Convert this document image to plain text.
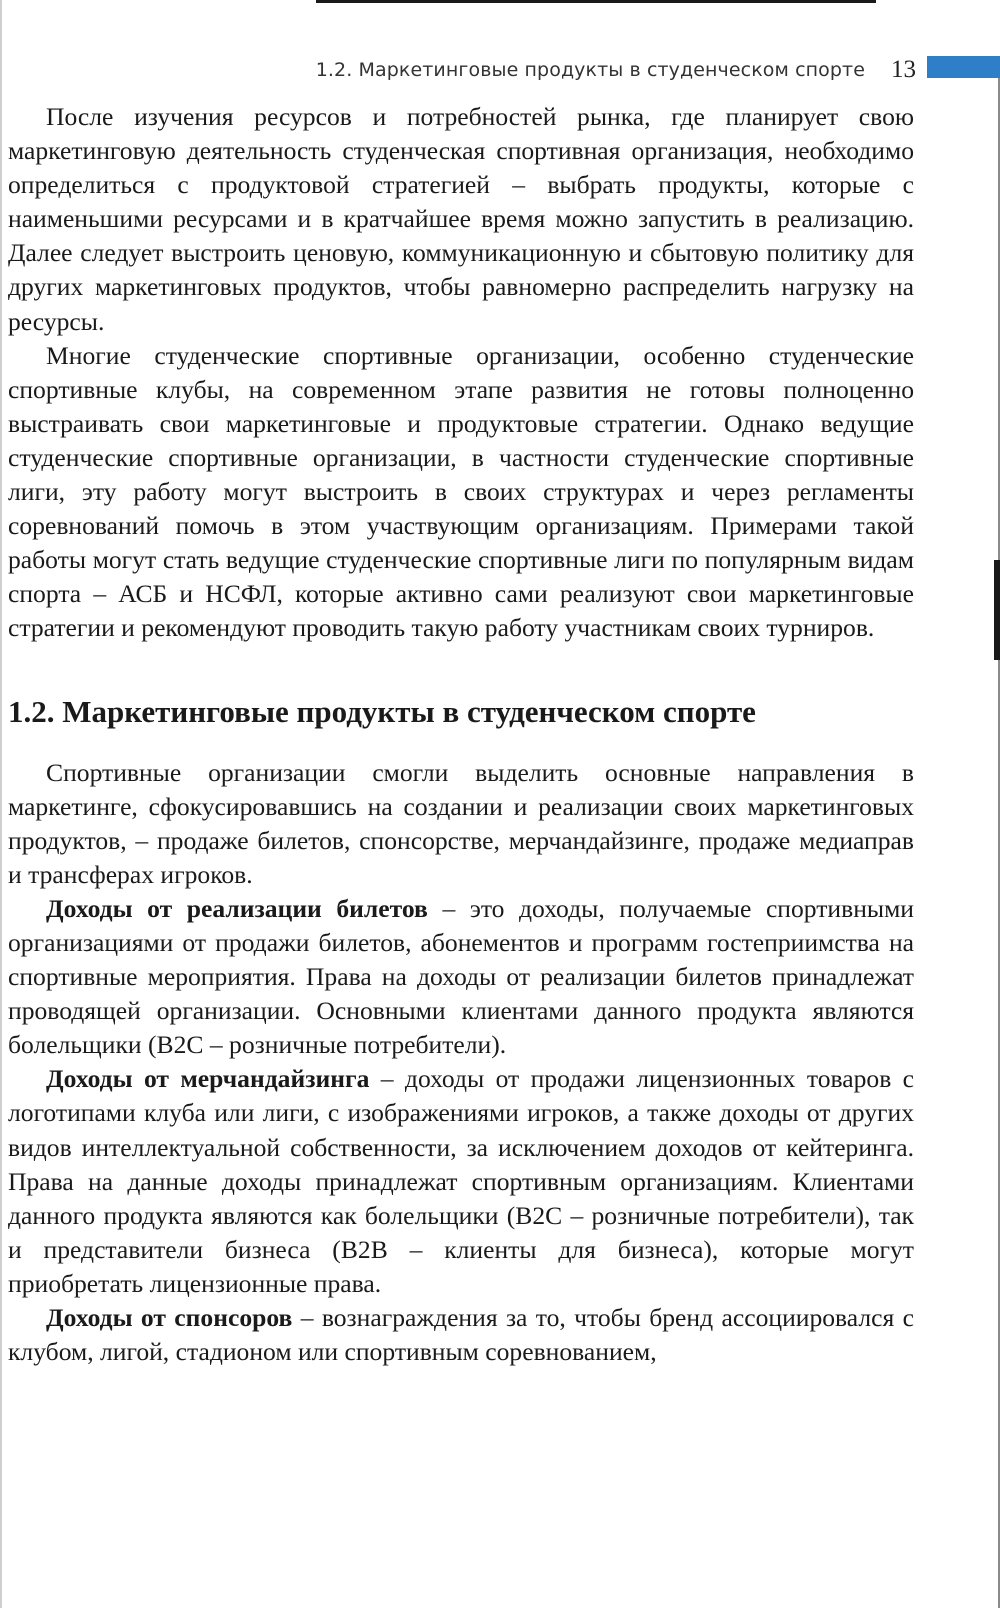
1.2. Маркетинговые продукты в студенческом спорте 13

После изучения ресурсов и потребностей рынка, где планирует свою маркетинговую деятельность студенческая спортивная организация, необходимо определиться с продуктовой стратегией – выбрать продукты, которые с наименьшими ресурсами и в кратчайшее время можно запустить в реализацию. Далее следует выстроить ценовую, коммуникационную и сбытовую политику для других маркетинговых продуктов, чтобы равномерно распределить нагрузку на ресурсы.

Многие студенческие спортивные организации, особенно студенческие спортивные клубы, на современном этапе развития не готовы полноценно выстраивать свои маркетинговые и продуктовые стратегии. Однако ведущие студенческие спортивные организации, в частности студенческие спортивные лиги, эту работу могут выстроить в своих структурах и через регламенты соревнований помочь в этом участвующим организациям. Примерами такой работы могут стать ведущие студенческие спортивные лиги по популярным видам спорта – АСБ и НСФЛ, которые активно сами реализуют свои маркетинговые стратегии и рекомендуют проводить такую работу участникам своих турниров.

1.2. Маркетинговые продукты в студенческом спорте

Спортивные организации смогли выделить основные направления в маркетинге, сфокусировавшись на создании и реализации своих маркетинговых продуктов, – продаже билетов, спонсорстве, мерчандайзинге, продаже медиаправ и трансферах игроков.

Доходы от реализации билетов – это доходы, получаемые спортивными организациями от продажи билетов, абонементов и программ гостеприимства на спортивные мероприятия. Права на доходы от реализации билетов принадлежат проводящей организации. Основными клиентами данного продукта являются болельщики (B2C – розничные потребители).

Доходы от мерчандайзинга – доходы от продажи лицензионных товаров с логотипами клуба или лиги, с изображениями игроков, а также доходы от других видов интеллектуальной собственности, за исключением доходов от кейтеринга. Права на данные доходы принадлежат спортивным организациям. Клиентами данного продукта являются как болельщики (B2C – розничные потребители), так и представители бизнеса (B2B – клиенты для бизнеса), которые могут приобретать лицензионные права.

Доходы от спонсоров – вознаграждения за то, чтобы бренд ассоциировался с клубом, лигой, стадионом или спортивным соревнованием,
